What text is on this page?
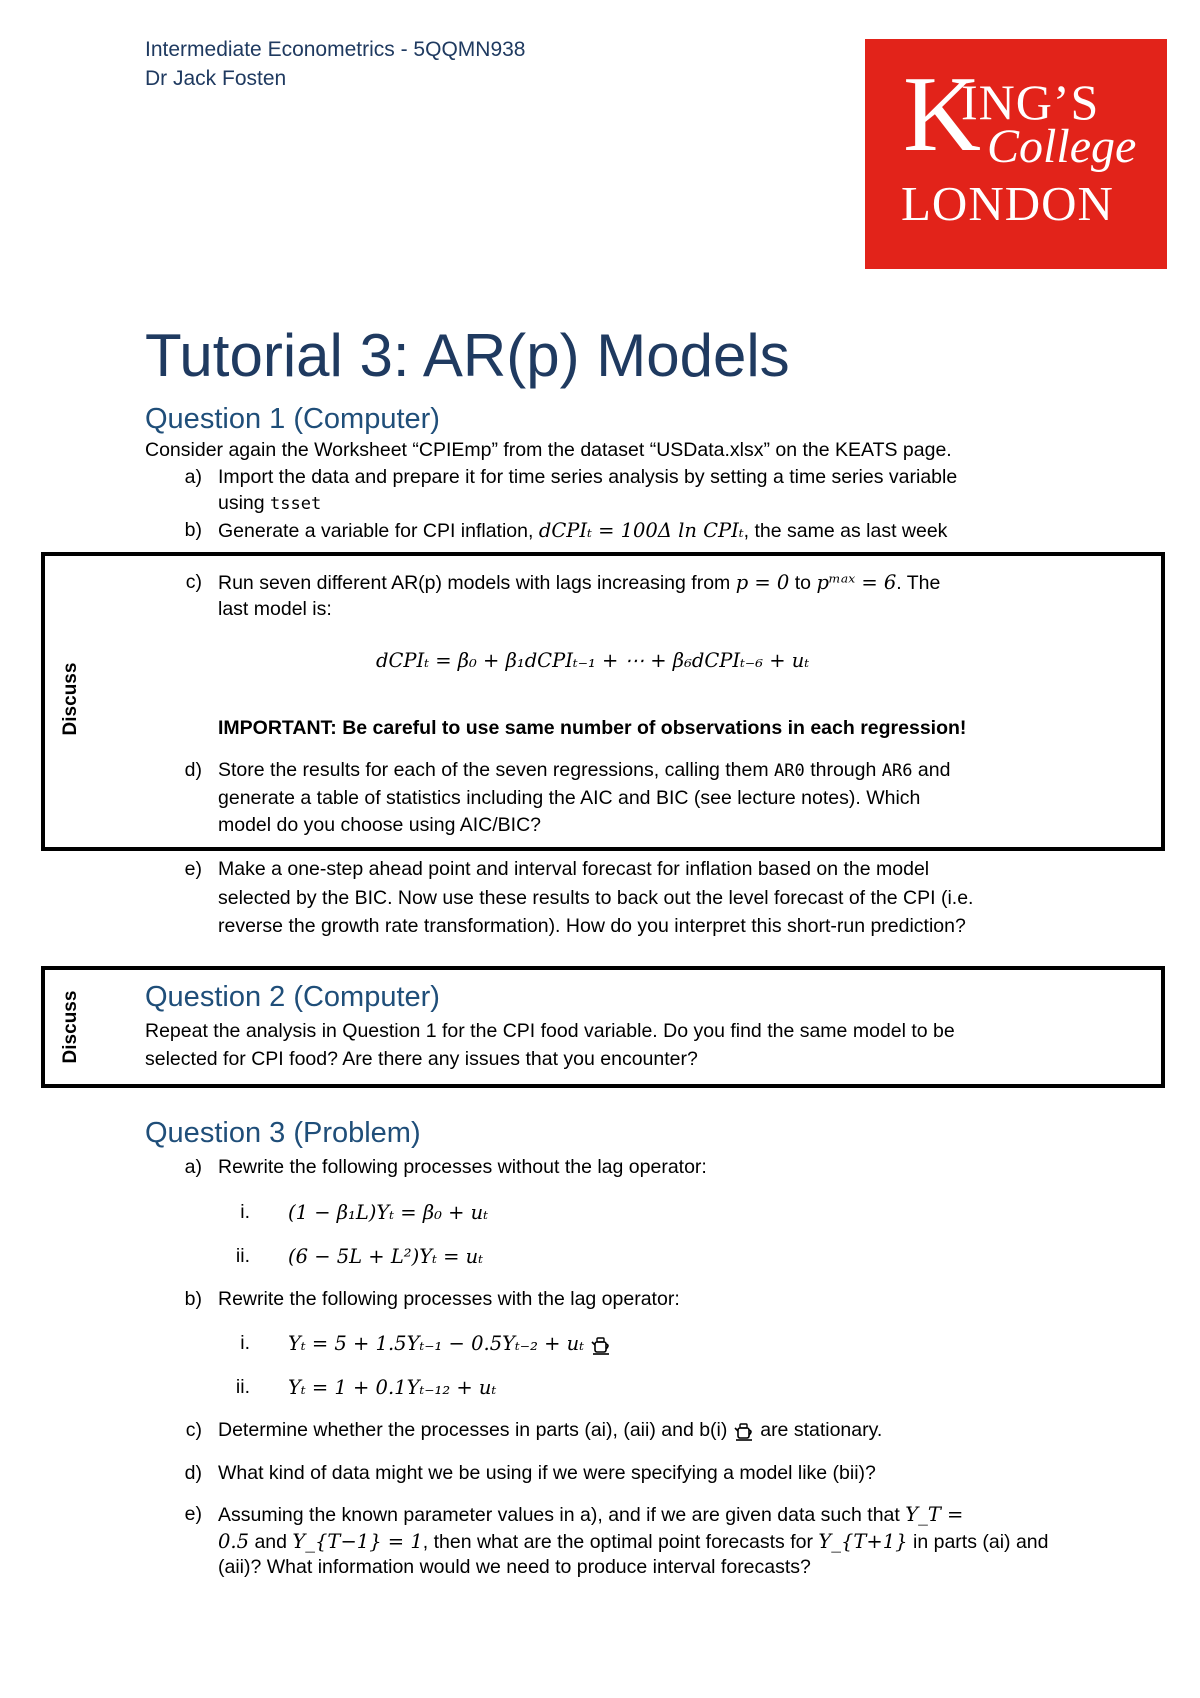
Intermediate Econometrics - 5QQMN938
Dr Jack Fosten	K
ING’S
College
LONDON
Tutorial 3: AR(p) Models
Question 1 (Computer)
Consider again the Worksheet “CPIEmp” from the dataset “USData.xlsx” on the KEATS page.
a) Import the data and prepare it for time series analysis by setting a time series variable
using tsset
b) Generate a variable for CPI inflation, dCPIₜ = 100Δ ln CPIₜ, the same as last week
Discuss
c) Run seven different AR(p) models with lags increasing from p = 0 to pᵐᵃˣ = 6. The
last model is:
dCPIₜ = β₀ + β₁dCPIₜ₋₁ + ⋯ + β₆dCPIₜ₋₆ + uₜ
IMPORTANT: Be careful to use same number of observations in each regression!
d) Store the results for each of the seven regressions, calling them AR0 through AR6 and
generate a table of statistics including the AIC and BIC (see lecture notes). Which
model do you choose using AIC/BIC?
e) Make a one-step ahead point and interval forecast for inflation based on the model
selected by the BIC. Now use these results to back out the level forecast of the CPI (i.e.
reverse the growth rate transformation). How do you interpret this short-run prediction?
Discuss Question 2 (Computer)
Repeat the analysis in Question 1 for the CPI food variable. Do you find the same model to be
selected for CPI food? Are there any issues that you encounter?
Question 3 (Problem)
a) Rewrite the following processes without the lag operator:
i. (1 − β₁L)Yₜ = β₀ + uₜ
ii. (6 − 5L + L²)Yₜ = uₜ
b) Rewrite the following processes with the lag operator:
i. Yₜ = 5 + 1.5Yₜ₋₁ − 0.5Yₜ₋₂ + uₜ
ii. Yₜ = 1 + 0.1Yₜ₋₁₂ + uₜ
c) Determine whether the processes in parts (ai), (aii) and b(i) are stationary.
d) What kind of data might we be using if we were specifying a model like (bii)?
e) Assuming the known parameter values in a), and if we are given data such that Y_T =
0.5 and Y_{T−1} = 1, then what are the optimal point forecasts for Y_{T+1} in parts (ai) and
(aii)? What information would we need to produce interval forecasts?
